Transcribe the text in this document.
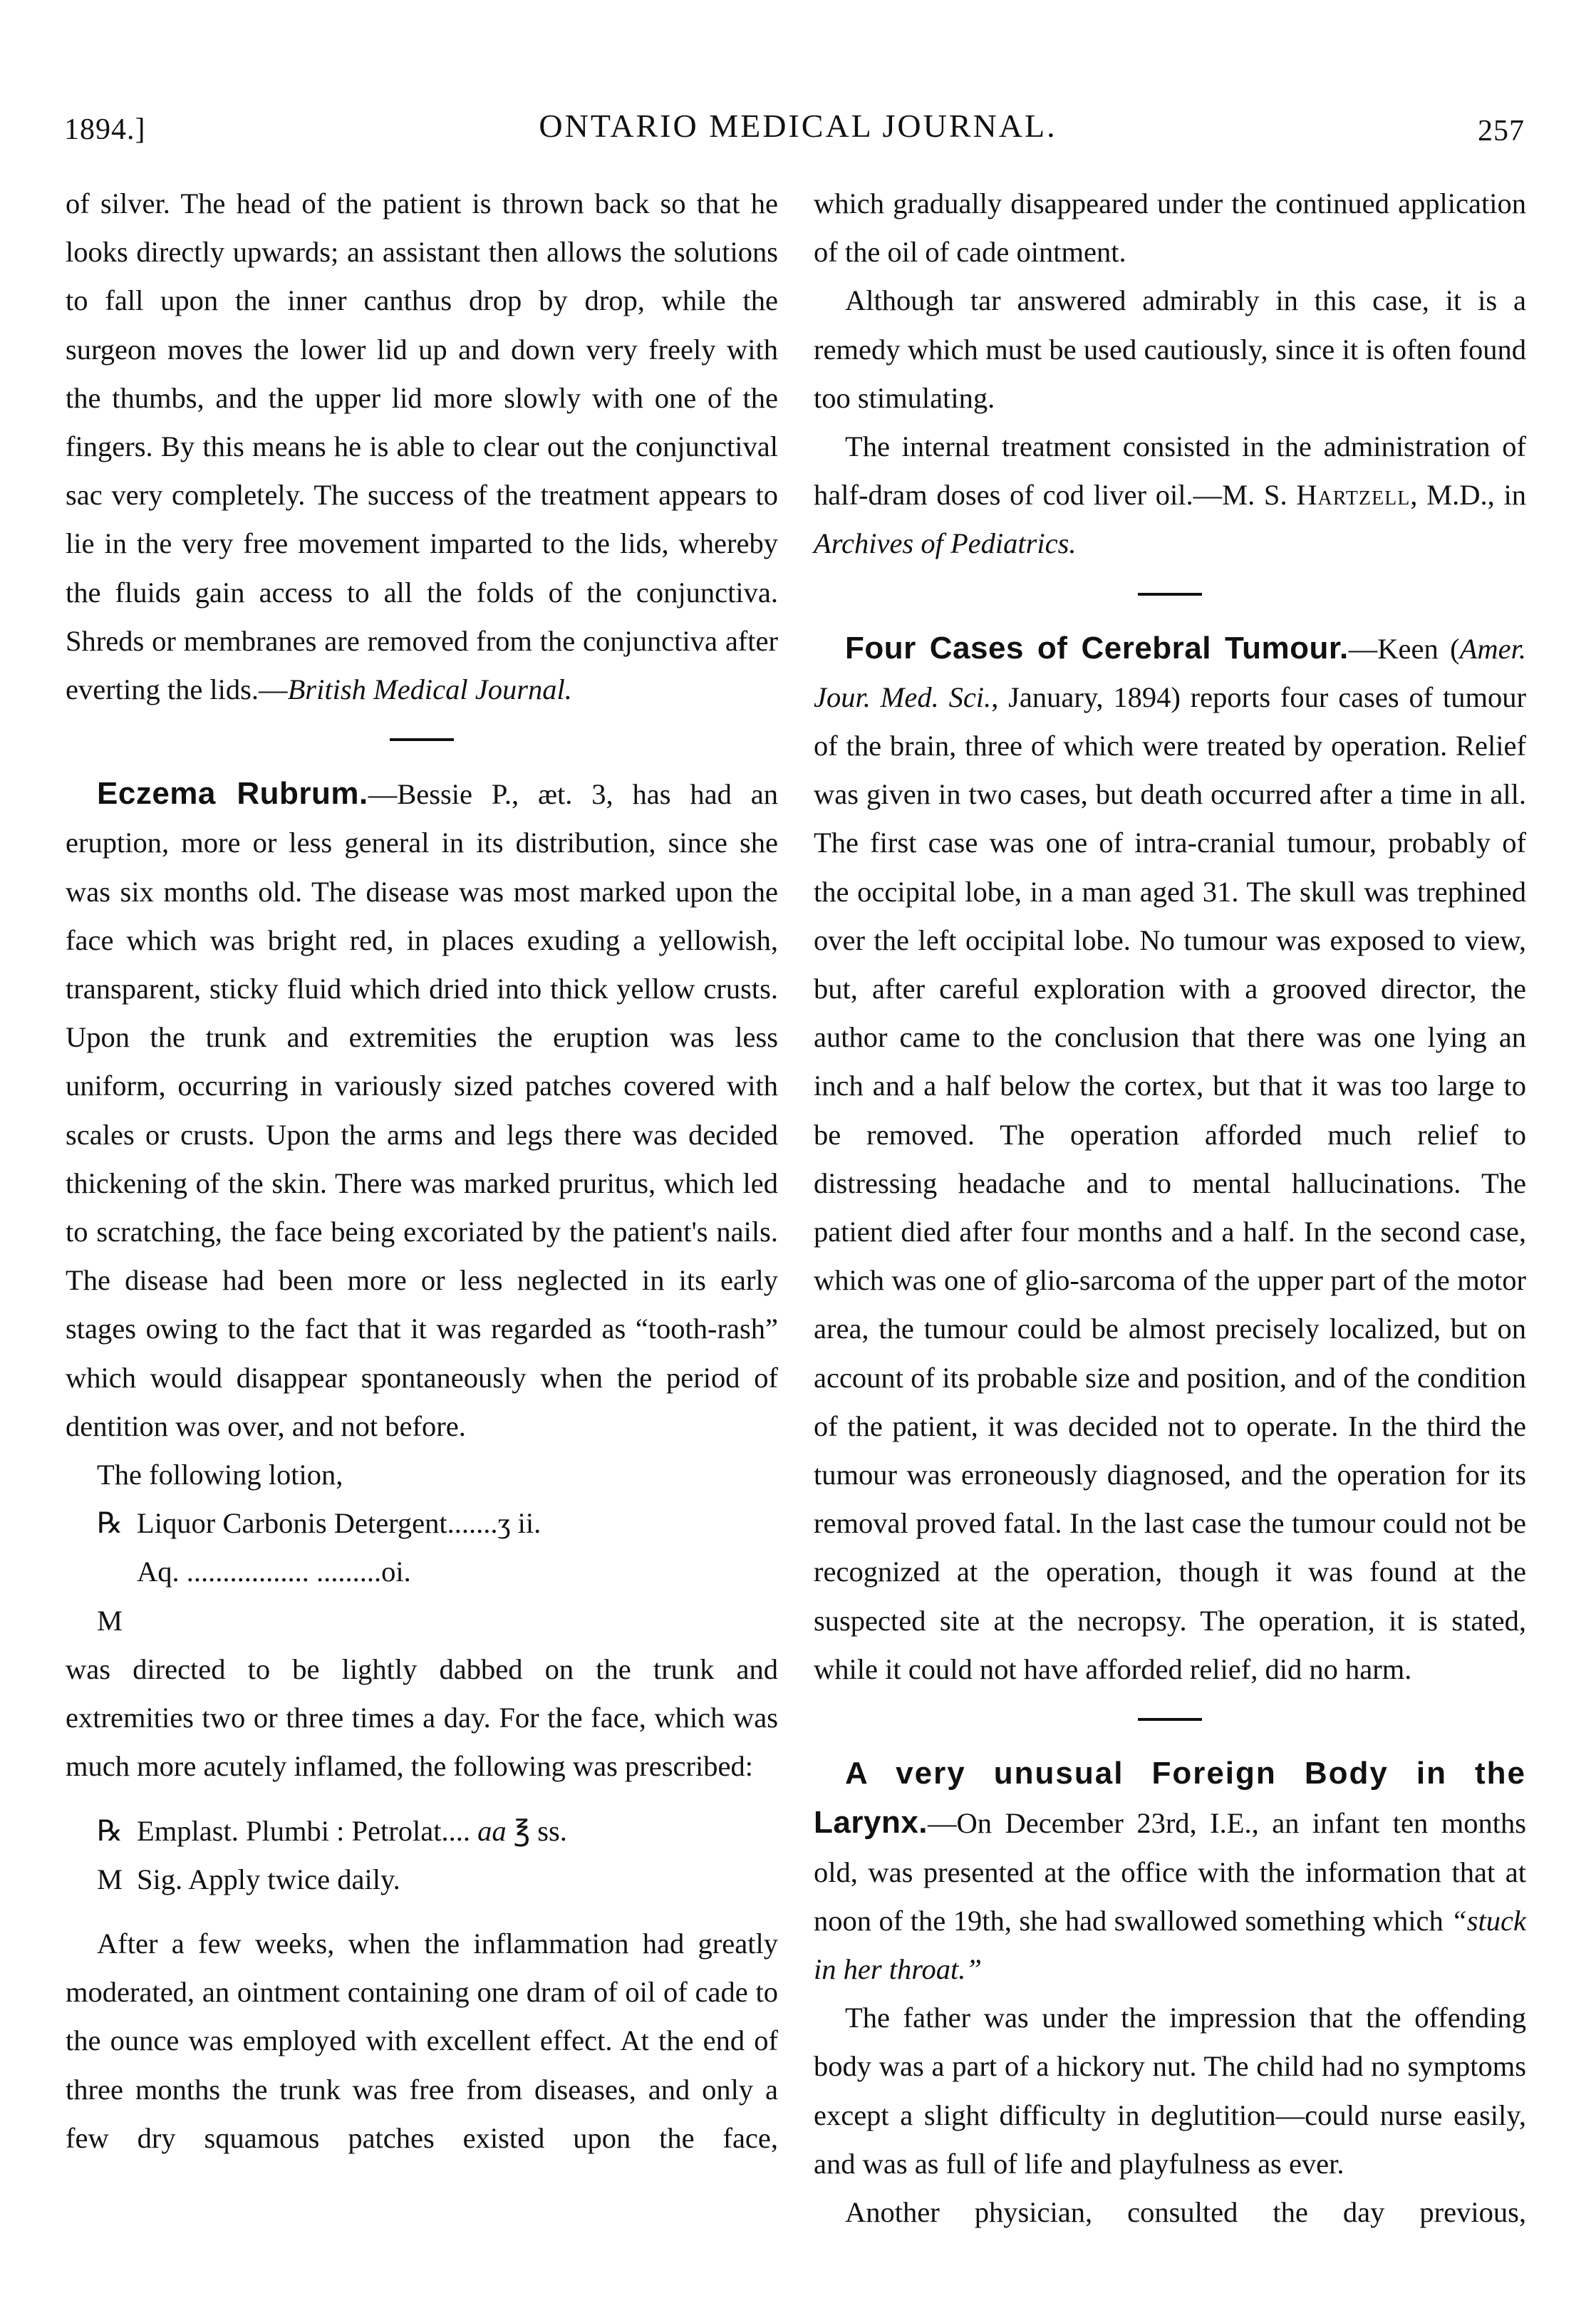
1894.]	ONTARIO MEDICAL JOURNAL.	257

of silver. The head of the patient is thrown back so that he looks directly upwards; an assistant then allows the solutions to fall upon the inner canthus drop by drop, while the surgeon moves the lower lid up and down very freely with the thumbs, and the upper lid more slowly with one of the fingers. By this means he is able to clear out the conjunctival sac very completely. The success of the treatment appears to lie in the very free movement imparted to the lids, whereby the fluids gain access to all the folds of the conjunctiva. Shreds or membranes are removed from the conjunctiva after everting the lids.—British Medical Journal.

Eczema Rubrum.—Bessie P., æt. 3, has had an eruption, more or less general in its distribution, since she was six months old. The disease was most marked upon the face which was bright red, in places exuding a yellowish, transparent, sticky fluid which dried into thick yellow crusts. Upon the trunk and extremities the eruption was less uniform, occurring in variously sized patches covered with scales or crusts. Upon the arms and legs there was decided thickening of the skin. There was marked pruritus, which led to scratching, the face being excoriated by the patient's nails. The disease had been more or less neglected in its early stages owing to the fact that it was regarded as “tooth-rash” which would disappear spontaneously when the period of dentition was over, and not before.

The following lotion,

℞ Liquor Carbonis Detergent.......ʒ ii.
Aq. ................. .........oi.
M

was directed to be lightly dabbed on the trunk and extremities two or three times a day. For the face, which was much more acutely inflamed, the following was prescribed:

℞ Emplast. Plumbi : Petrolat.... aa ℥ ss.
M Sig. Apply twice daily.

After a few weeks, when the inflammation had greatly moderated, an ointment containing one dram of oil of cade to the ounce was employed with excellent effect. At the end of three months the trunk was free from diseases, and only a few dry squamous patches existed upon the face,

which gradually disappeared under the continued application of the oil of cade ointment.

Although tar answered admirably in this case, it is a remedy which must be used cautiously, since it is often found too stimulating.

The internal treatment consisted in the administration of half-dram doses of cod liver oil.—M. S. Hartzell, M.D., in Archives of Pediatrics.

Four Cases of Cerebral Tumour.—Keen (Amer. Jour. Med. Sci., January, 1894) reports four cases of tumour of the brain, three of which were treated by operation. Relief was given in two cases, but death occurred after a time in all. The first case was one of intra-cranial tumour, probably of the occipital lobe, in a man aged 31. The skull was trephined over the left occipital lobe. No tumour was exposed to view, but, after careful exploration with a grooved director, the author came to the conclusion that there was one lying an inch and a half below the cortex, but that it was too large to be removed. The operation afforded much relief to distressing headache and to mental hallucinations. The patient died after four months and a half. In the second case, which was one of glio-sarcoma of the upper part of the motor area, the tumour could be almost precisely localized, but on account of its probable size and position, and of the condition of the patient, it was decided not to operate. In the third the tumour was erroneously diagnosed, and the operation for its removal proved fatal. In the last case the tumour could not be recognized at the operation, though it was found at the suspected site at the necropsy. The operation, it is stated, while it could not have afforded relief, did no harm.

A very unusual Foreign Body in the Larynx.—On December 23rd, I.E., an infant ten months old, was presented at the office with the information that at noon of the 19th, she had swallowed something which “stuck in her throat.”

The father was under the impression that the offending body was a part of a hickory nut. The child had no symptoms except a slight difficulty in deglutition—could nurse easily, and was as full of life and playfulness as ever.

Another physician, consulted the day previous,
